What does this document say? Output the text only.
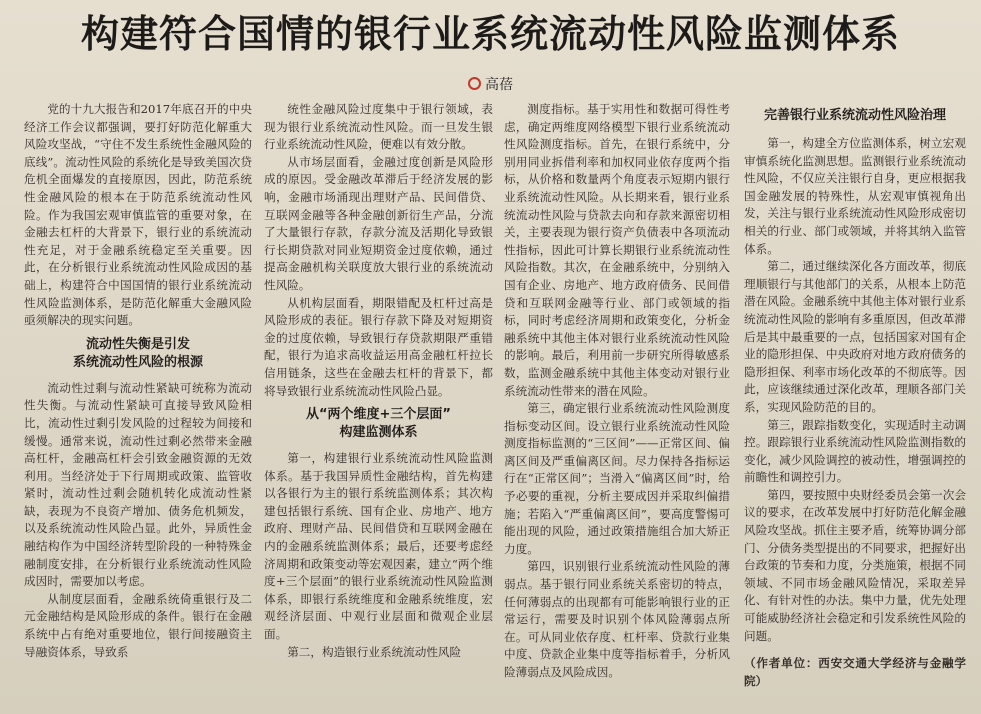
构建符合国情的银行业系统流动性风险监测体系
高蓓

党的十九大报告和2017年底召开的中央经济工作会议都强调，要打好防范化解重大风险攻坚战，“守住不发生系统性金融风险的底线”。流动性风险的系统化是导致美国次贷危机全面爆发的直接原因，因此，防范系统性金融风险的根本在于防范系统流动性风险。作为我国宏观审慎监管的重要对象，在金融去杠杆的大背景下，银行业的系统流动性充足，对于金融系统稳定至关重要。因此，在分析银行业系统流动性风险成因的基础上，构建符合中国国情的银行业系统流动性风险监测体系，是防范化解重大金融风险亟须解决的现实问题。

流动性失衡是引发
系统流动性风险的根源

流动性过剩与流动性紧缺可统称为流动性失衡。与流动性紧缺可直接导致风险相比，流动性过剩引发风险的过程较为间接和缓慢。通常来说，流动性过剩必然带来金融高杠杆，金融高杠杆会引致金融资源的无效利用。当经济处于下行周期或政策、监管收紧时，流动性过剩会随机转化成流动性紧缺，表现为不良资产增加、债务危机频发，以及系统流动性风险凸显。此外，异质性金融结构作为中国经济转型阶段的一种特殊金融制度安排，在分析银行业系统流动性风险成因时，需要加以考虑。

从制度层面看，金融系统倚重银行及二元金融结构是风险形成的条件。银行在金融系统中占有绝对重要地位，银行间接融资主导融资体系，导致系

统性金融风险过度集中于银行领域，表现为银行业系统流动性风险。而一旦发生银行业系统流动性风险，便难以有效分散。

从市场层面看，金融过度创新是风险形成的原因。受金融改革滞后于经济发展的影响，金融市场涌现出理财产品、民间借贷、互联网金融等各种金融创新衍生产品，分流了大量银行存款，存款分流及活期化导致银行长期贷款对同业短期资金过度依赖，通过提高金融机构关联度放大银行业的系统流动性风险。

从机构层面看，期限错配及杠杆过高是风险形成的表征。银行存款下降及对短期资金的过度依赖，导致银行存贷款期限严重错配，银行为追求高收益运用高金融杠杆拉长信用链条，这些在金融去杠杆的背景下，都将导致银行业系统流动性风险凸显。

从“两个维度+三个层面”
构建监测体系

第一，构建银行业系统流动性风险监测体系。基于我国异质性金融结构，首先构建以各银行为主的银行系统监测体系；其次构建包括银行系统、国有企业、房地产、地方政府、理财产品、民间借贷和互联网金融在内的金融系统监测体系；最后，还要考虑经济周期和政策变动等宏观因素，建立“两个维度+三个层面”的银行业系统流动性风险监测体系，即银行系统维度和金融系统维度，宏观经济层面、中观行业层面和微观企业层面。

第二，构造银行业系统流动性风险

测度指标。基于实用性和数据可得性考虑，确定两维度网络模型下银行业系统流动性风险测度指标。首先，在银行系统中，分别用同业拆借利率和加权同业依存度两个指标，从价格和数量两个角度表示短期内银行业系统流动性风险。从长期来看，银行业系统流动性风险与贷款去向和存款来源密切相关，主要表现为银行资产负债表中各项流动性指标，因此可计算长期银行业系统流动性风险指数。其次，在金融系统中，分别纳入国有企业、房地产、地方政府债务、民间借贷和互联网金融等行业、部门或领域的指标，同时考虑经济周期和政策变化，分析金融系统中其他主体对银行业系统流动性风险的影响。最后，利用前一步研究所得敏感系数，监测金融系统中其他主体变动对银行业系统流动性带来的潜在风险。

第三，确定银行业系统流动性风险测度指标变动区间。设立银行业系统流动性风险测度指标监测的“三区间”——正常区间、偏离区间及严重偏离区间。尽力保持各指标运行在“正常区间”；当滑入“偏离区间”时，给予必要的重视，分析主要成因并采取纠偏措施；若陷入“严重偏离区间”，要高度警惕可能出现的风险，通过政策措施组合加大矫正力度。

第四，识别银行业系统流动性风险的薄弱点。基于银行同业系统关系密切的特点，任何薄弱点的出现都有可能影响银行业的正常运行，需要及时识别个体风险薄弱点所在。可从同业依存度、杠杆率、贷款行业集中度、贷款企业集中度等指标着手，分析风险薄弱点及风险成因。

完善银行业系统流动性风险治理

第一，构建全方位监测体系，树立宏观审慎系统化监测思想。监测银行业系统流动性风险，不仅应关注银行自身，更应根据我国金融发展的特殊性，从宏观审慎视角出发，关注与银行业系统流动性风险形成密切相关的行业、部门或领域，并将其纳入监管体系。

第二，通过继续深化各方面改革，彻底理顺银行与其他部门的关系，从根本上防范潜在风险。金融系统中其他主体对银行业系统流动性风险的影响有多重原因，但改革滞后是其中最重要的一点，包括国家对国有企业的隐形担保、中央政府对地方政府债务的隐形担保、利率市场化改革的不彻底等。因此，应该继续通过深化改革，理顺各部门关系，实现风险防范的目的。

第三，跟踪指数变化，实现适时主动调控。跟踪银行业系统流动性风险监测指数的变化，减少风险调控的被动性，增强调控的前瞻性和调控引力。

第四，要按照中央财经委员会第一次会议的要求，在改革发展中打好防范化解金融风险攻坚战。抓住主要矛盾，统筹协调分部门、分债务类型提出的不同要求，把握好出台政策的节奏和力度，分类施策，根据不同领域、不同市场金融风险情况，采取差异化、有针对性的办法。集中力量，优先处理可能威胁经济社会稳定和引发系统性风险的问题。

（作者单位：西安交通大学经济与金融学院）
